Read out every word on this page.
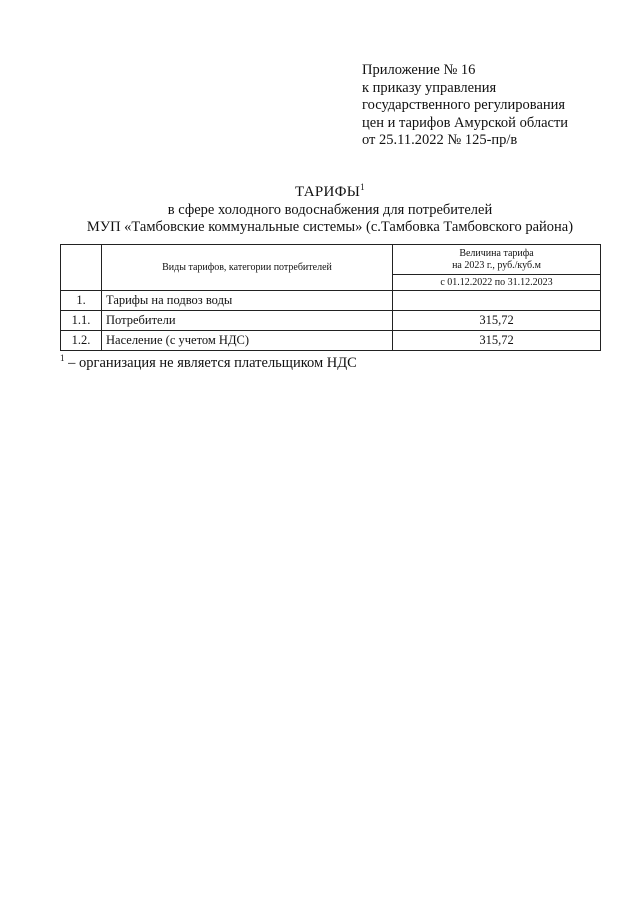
Приложение № 16
к приказу управления
государственного регулирования
цен и тарифов Амурской области
от 25.11.2022 № 125-пр/в
ТАРИФЫ$^1$
в сфере холодного водоснабжения для потребителей
МУП «Тамбовские коммунальные системы» (с.Тамбовка Тамбовского района)
	Виды тарифов, категории потребителей	Величина тарифа
на 2023 г., руб./куб.м

		с 01.12.2022 по 31.12.2023
1.	Тарифы на подвоз воды	
1.1.	Потребители	315,72
1.2.	Население (с учетом НДС)	315,72
$^1$ – организация не является плательщиком НДС
